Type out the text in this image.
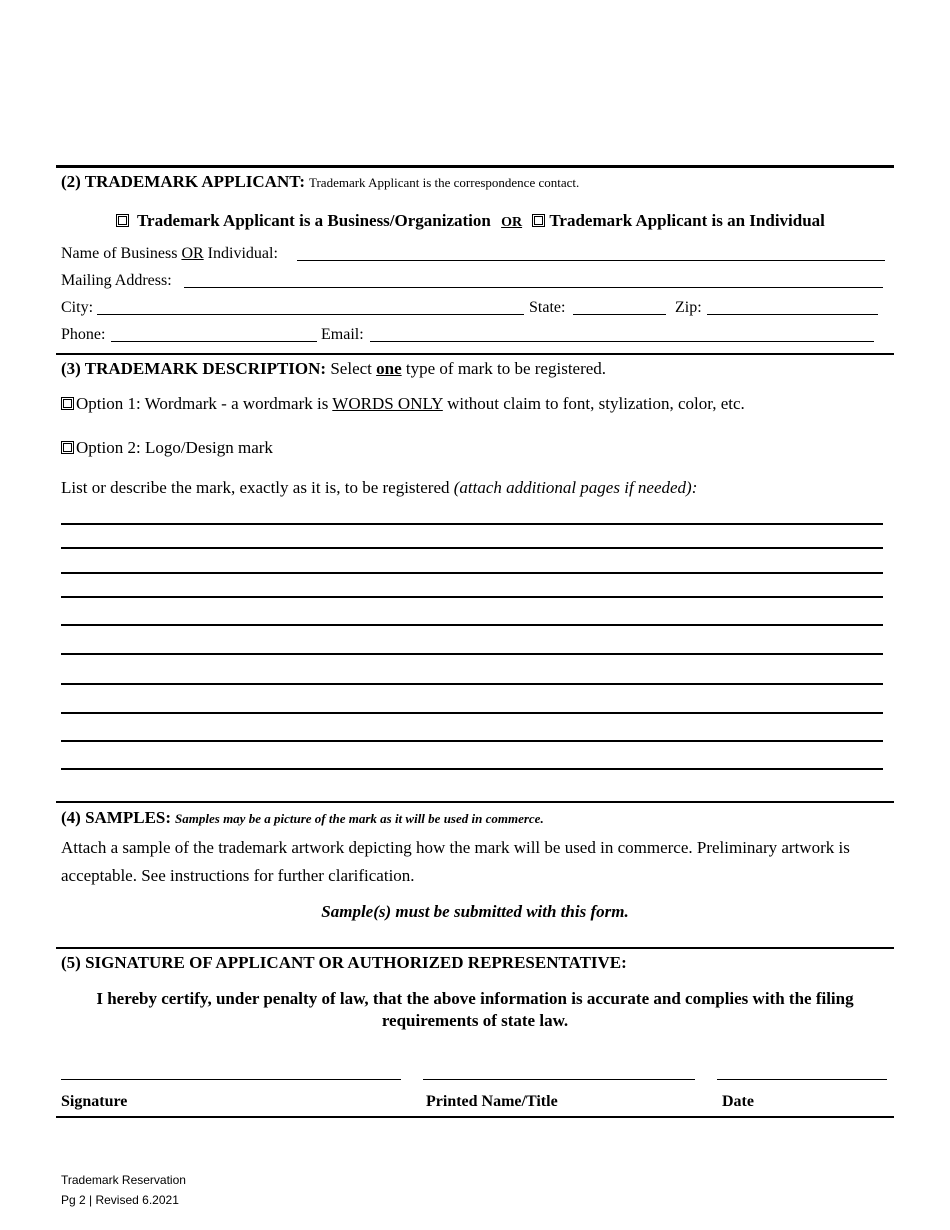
(2) TRADEMARK APPLICANT: Trademark Applicant is the correspondence contact.
Trademark Applicant is a Business/Organization OR Trademark Applicant is an Individual
Name of Business OR Individual:
Mailing Address:
City:	State:	Zip:
Phone:	Email:
(3) TRADEMARK DESCRIPTION: Select one type of mark to be registered.
Option 1: Wordmark - a wordmark is WORDS ONLY without claim to font, stylization, color, etc.
Option 2: Logo/Design mark
List or describe the mark, exactly as it is, to be registered (attach additional pages if needed):
(4) SAMPLES: Samples may be a picture of the mark as it will be used in commerce.
Attach a sample of the trademark artwork depicting how the mark will be used in commerce. Preliminary artwork is
acceptable. See instructions for further clarification.
Sample(s) must be submitted with this form.
(5) SIGNATURE OF APPLICANT OR AUTHORIZED REPRESENTATIVE:
I hereby certify, under penalty of law, that the above information is accurate and complies with the filing
requirements of state law.
Signature	Printed Name/Title	Date
Trademark Reservation
Pg 2 | Revised 6.2021
